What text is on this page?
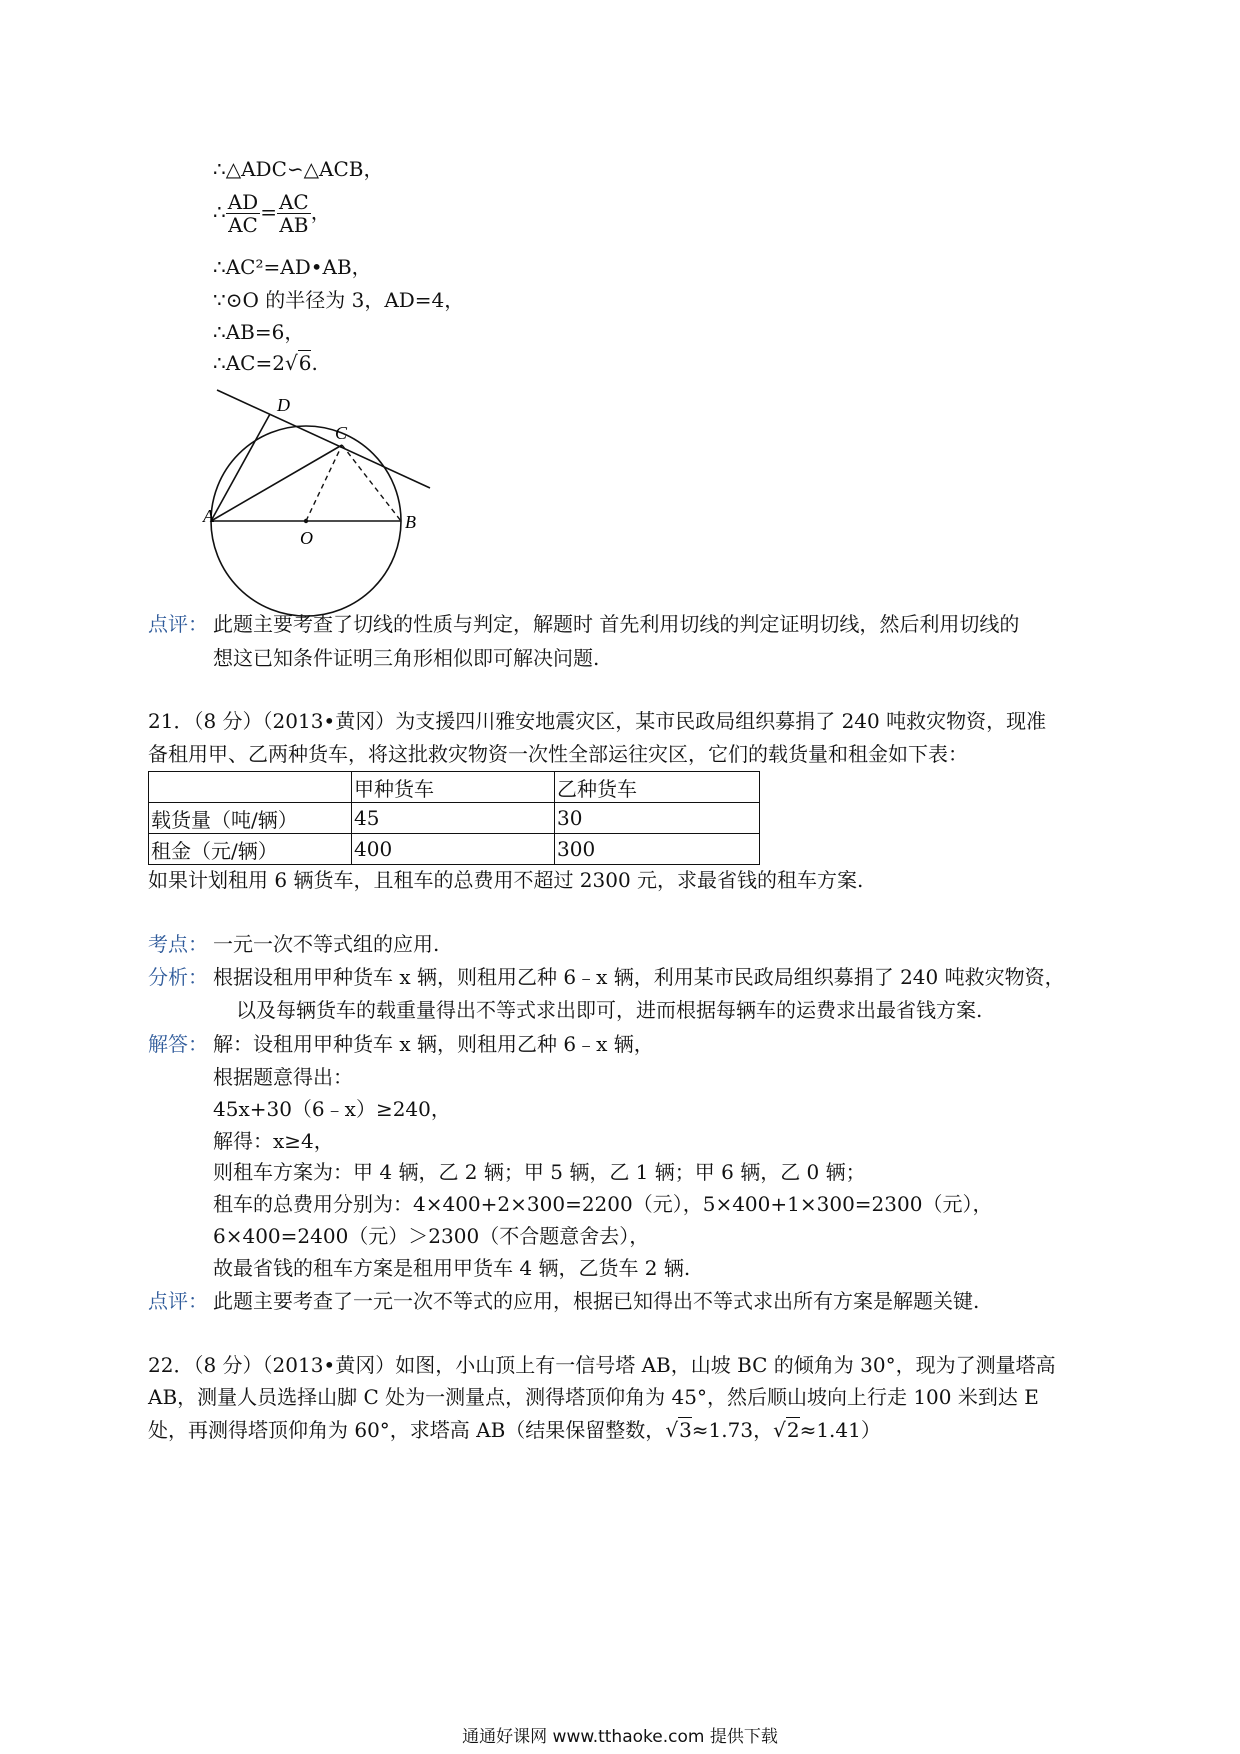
∴△ADC∽△ACB，
∴ $\frac{AD}{AC} = \frac{AC}{AB}$ ，
∴AC²=AD•AB，
∵⊙O 的半径为 3，AD=4，
∴AB=6，
∴AC=2√6.
D
C
A
O
B
点评： 此题主要考查了切线的性质与判定，解题时 首先利用切线的判定证明切线，然后利用切线的
想这已知条件证明三角形相似即可解决问题.
21．（8 分）（2013•黄冈）为支援四川雅安地震灾区，某市民政局组织募捐了 240 吨救灾物资，现准
备租用甲、乙两种货车，将这批救灾物资一次性全部运往灾区，它们的载货量和租金如下表：
	甲种货车	乙种货车
载货量（吨/辆）	45	30
租金（元/辆）	400	300
如果计划租用 6 辆货车，且租车的总费用不超过 2300 元，求最省钱的租车方案.
考点： 一元一次不等式组的应用.
分析： 根据设租用甲种货车 x 辆，则租用乙种 6﹣x 辆，利用某市民政局组织募捐了 240 吨救灾物资，
以及每辆货车的载重量得出不等式求出即可，进而根据每辆车的运费求出最省钱方案.
解答： 解：设租用甲种货车 x 辆，则租用乙种 6﹣x 辆，
根据题意得出：
45x+30（6﹣x）≥240，
解得：x≥4，
则租车方案为：甲 4 辆，乙 2 辆；甲 5 辆，乙 1 辆；甲 6 辆，乙 0 辆；
租车的总费用分别为：4×400+2×300=2200（元），5×400+1×300=2300（元），
6×400=2400（元）＞2300（不合题意舍去），
故最省钱的租车方案是租用甲货车 4 辆，乙货车 2 辆.
点评： 此题主要考查了一元一次不等式的应用，根据已知得出不等式求出所有方案是解题关键.
22．（8 分）（2013•黄冈）如图，小山顶上有一信号塔 AB，山坡 BC 的倾角为 30°，现为了测量塔高
AB，测量人员选择山脚 C 处为一测量点，测得塔顶仰角为 45°，然后顺山坡向上行走 100 米到达 E
处，再测得塔顶仰角为 60°，求塔高 AB（结果保留整数，√3≈1.73，√2≈1.41）
通通好课网 www.tthaoke.com 提供下载
